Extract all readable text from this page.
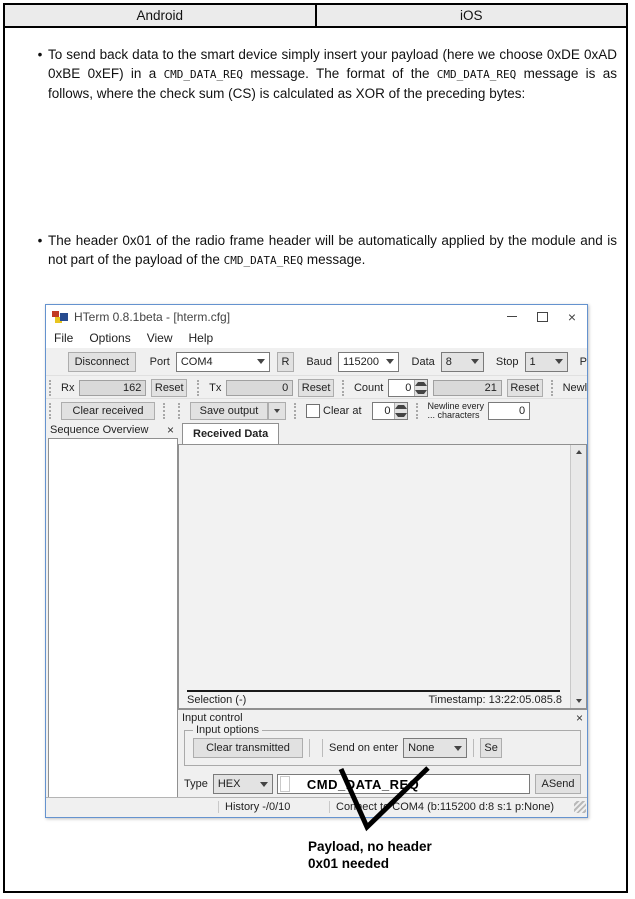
Android	iOS
• To send back data to the smart device simply insert your payload (here we choose 0xDE 0xAD 0xBE 0xEF) in a CMD_DATA_REQ message. The format of the CMD_DATA_REQ message is as follows, where the check sum (CS) is calculated as XOR of the preceding bytes:
• The header 0x01 of the radio frame header will be automatically applied by the module and is not part of the payload of the CMD_DATA_REQ message.
HTerm 0.8.1beta - [hterm.cfg]	×
File	Options	View	Help
Disconnect	Port	COM4	R	Baud	115200	Data	8	Stop	1	P
Rx	162	Reset	Tx	0	Reset	Count	0	21	Reset	Newl
Clear received	Save output	Clear at	0	Newline every
... characters	0
Sequence Overview ×	Received Data
Selection (-)	Timestamp: 13:22:05.085.8
Input control	×
Input options
Clear transmitted	Send on enter None	Se
Type HEX	CMD_DATA_REQ	ASend
History -/0/10	Connect to COM4 (b:115200 d:8 s:1 p:None)
Payload, no header
0x01 needed
